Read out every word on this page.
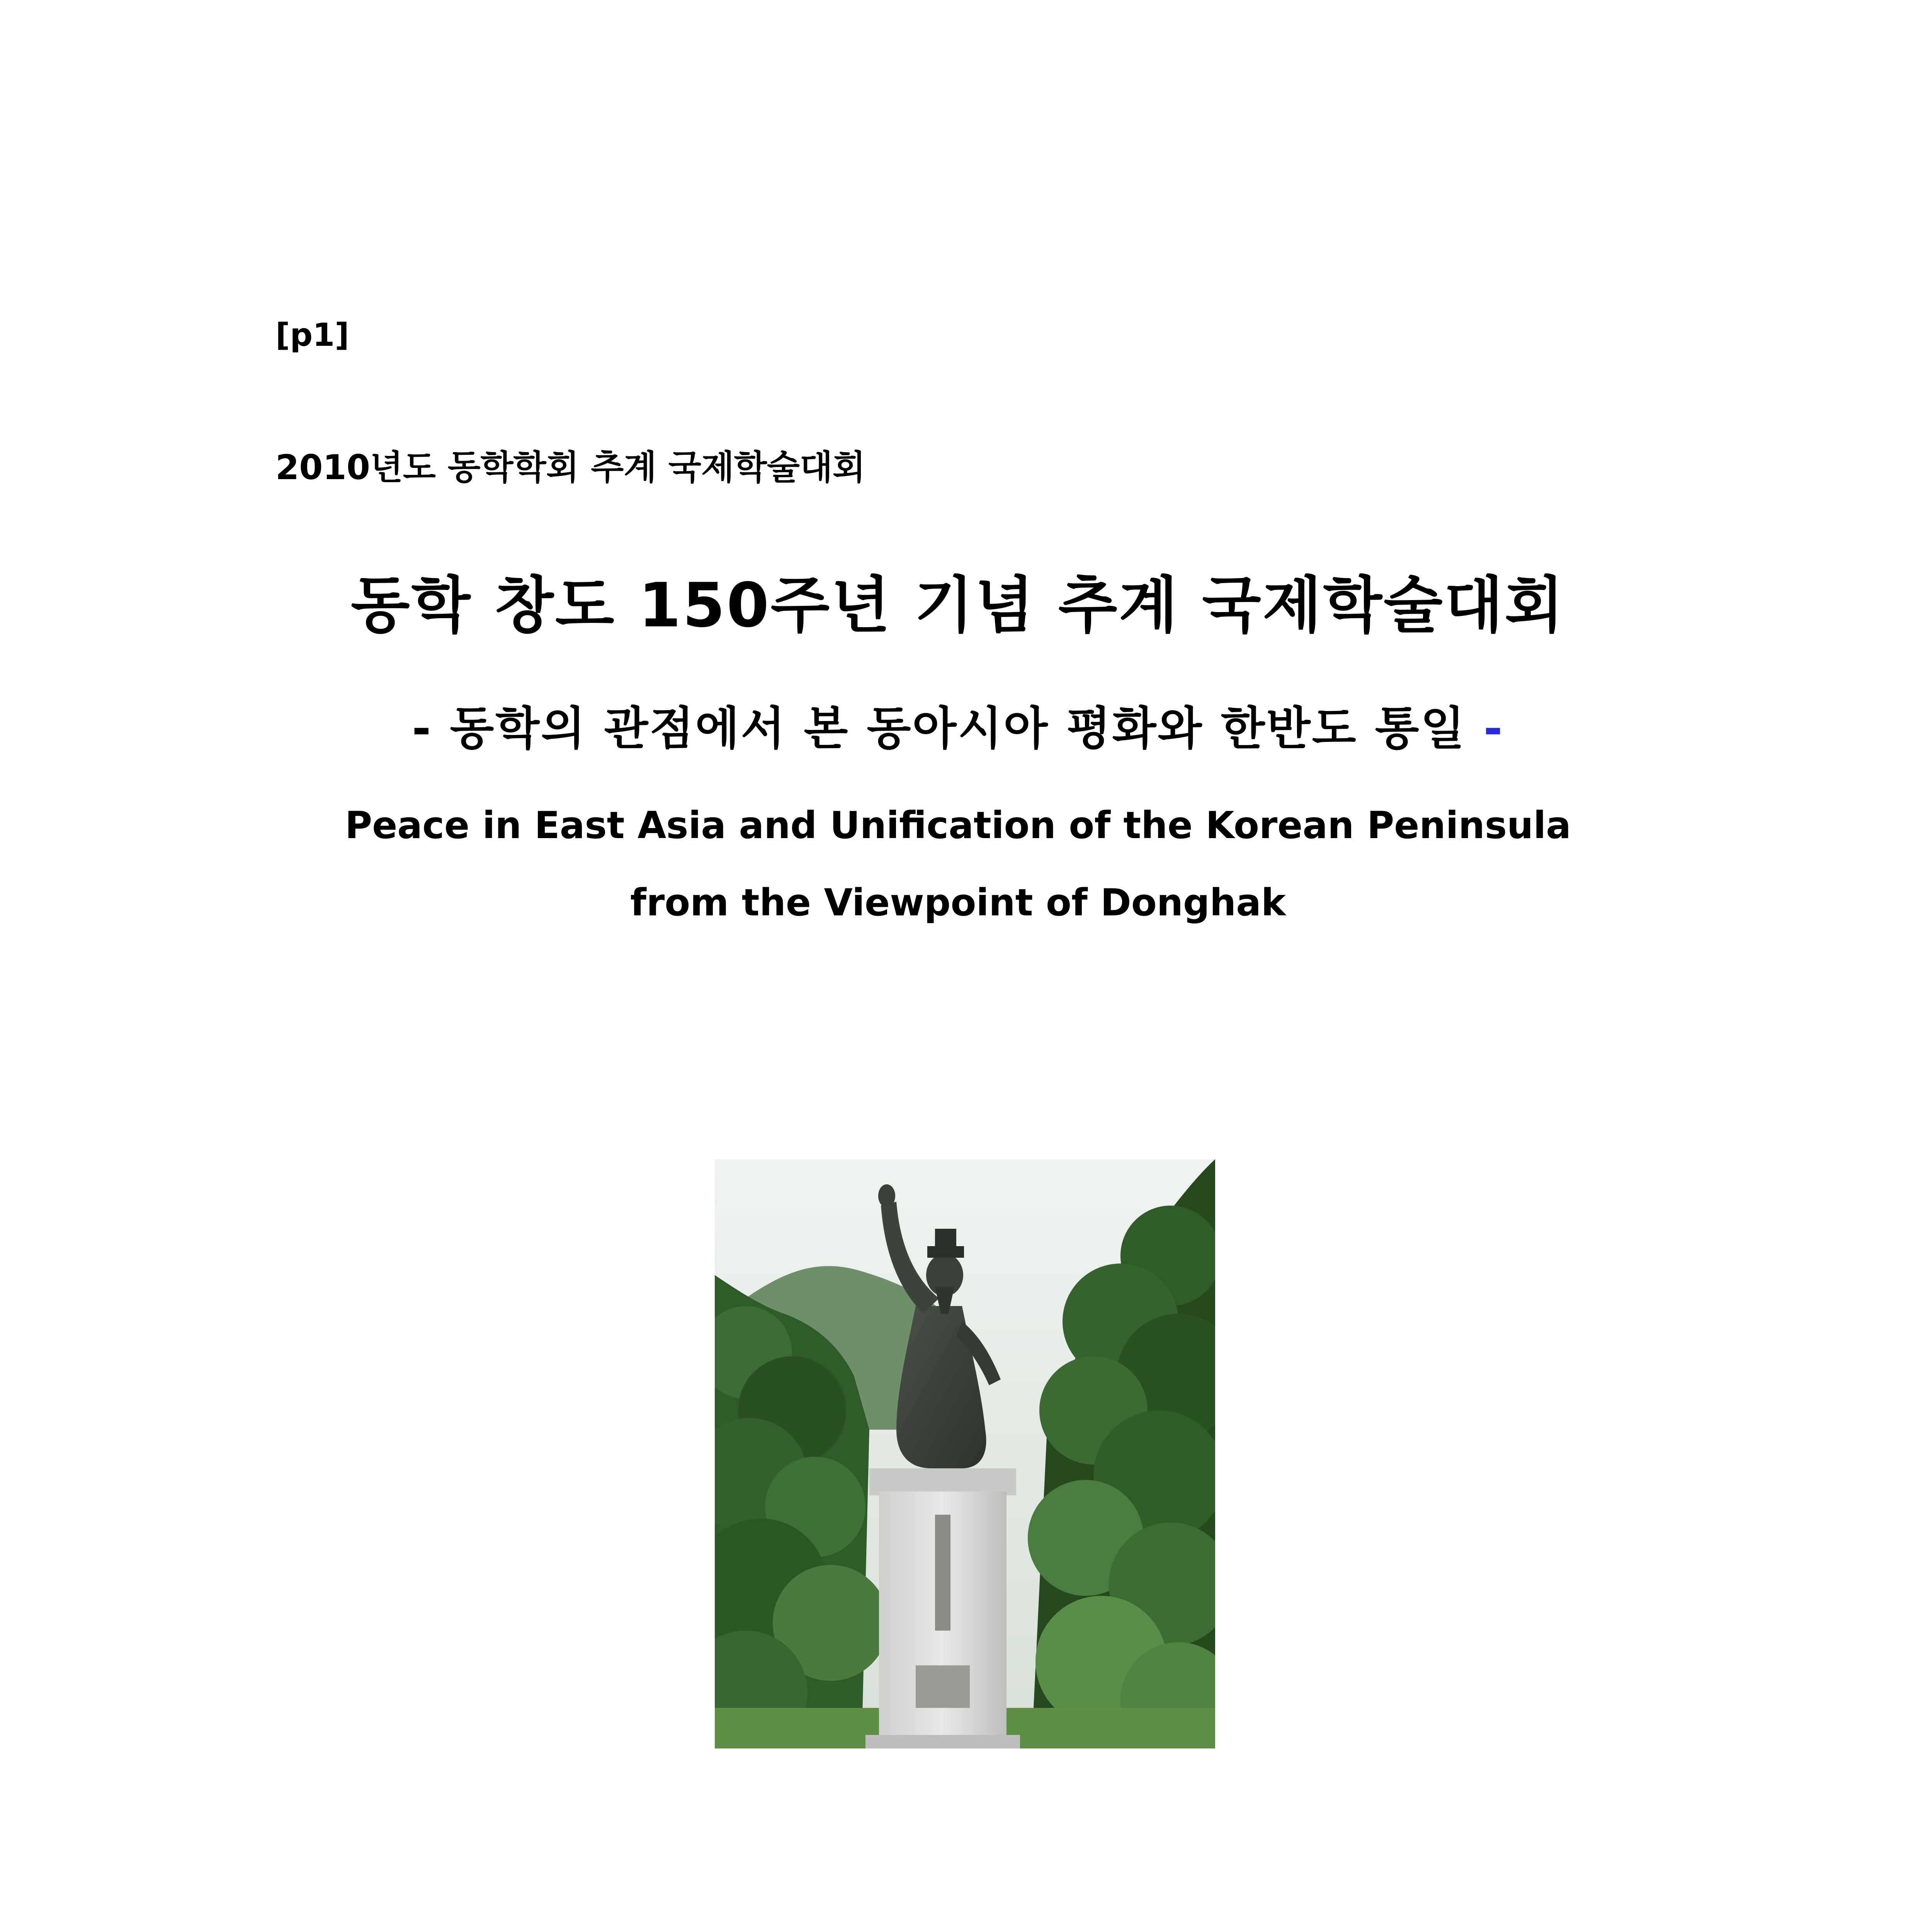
[p1]
2010년도 동학학회 추계 국제학술대회
동학 창도 150주년 기념 추계 국제학술대회
- 동학의 관점에서 본 동아시아 평화와 한반도 통일 -
Peace in East Asia and Unification of the Korean Peninsula
from the Viewpoint of Donghak
